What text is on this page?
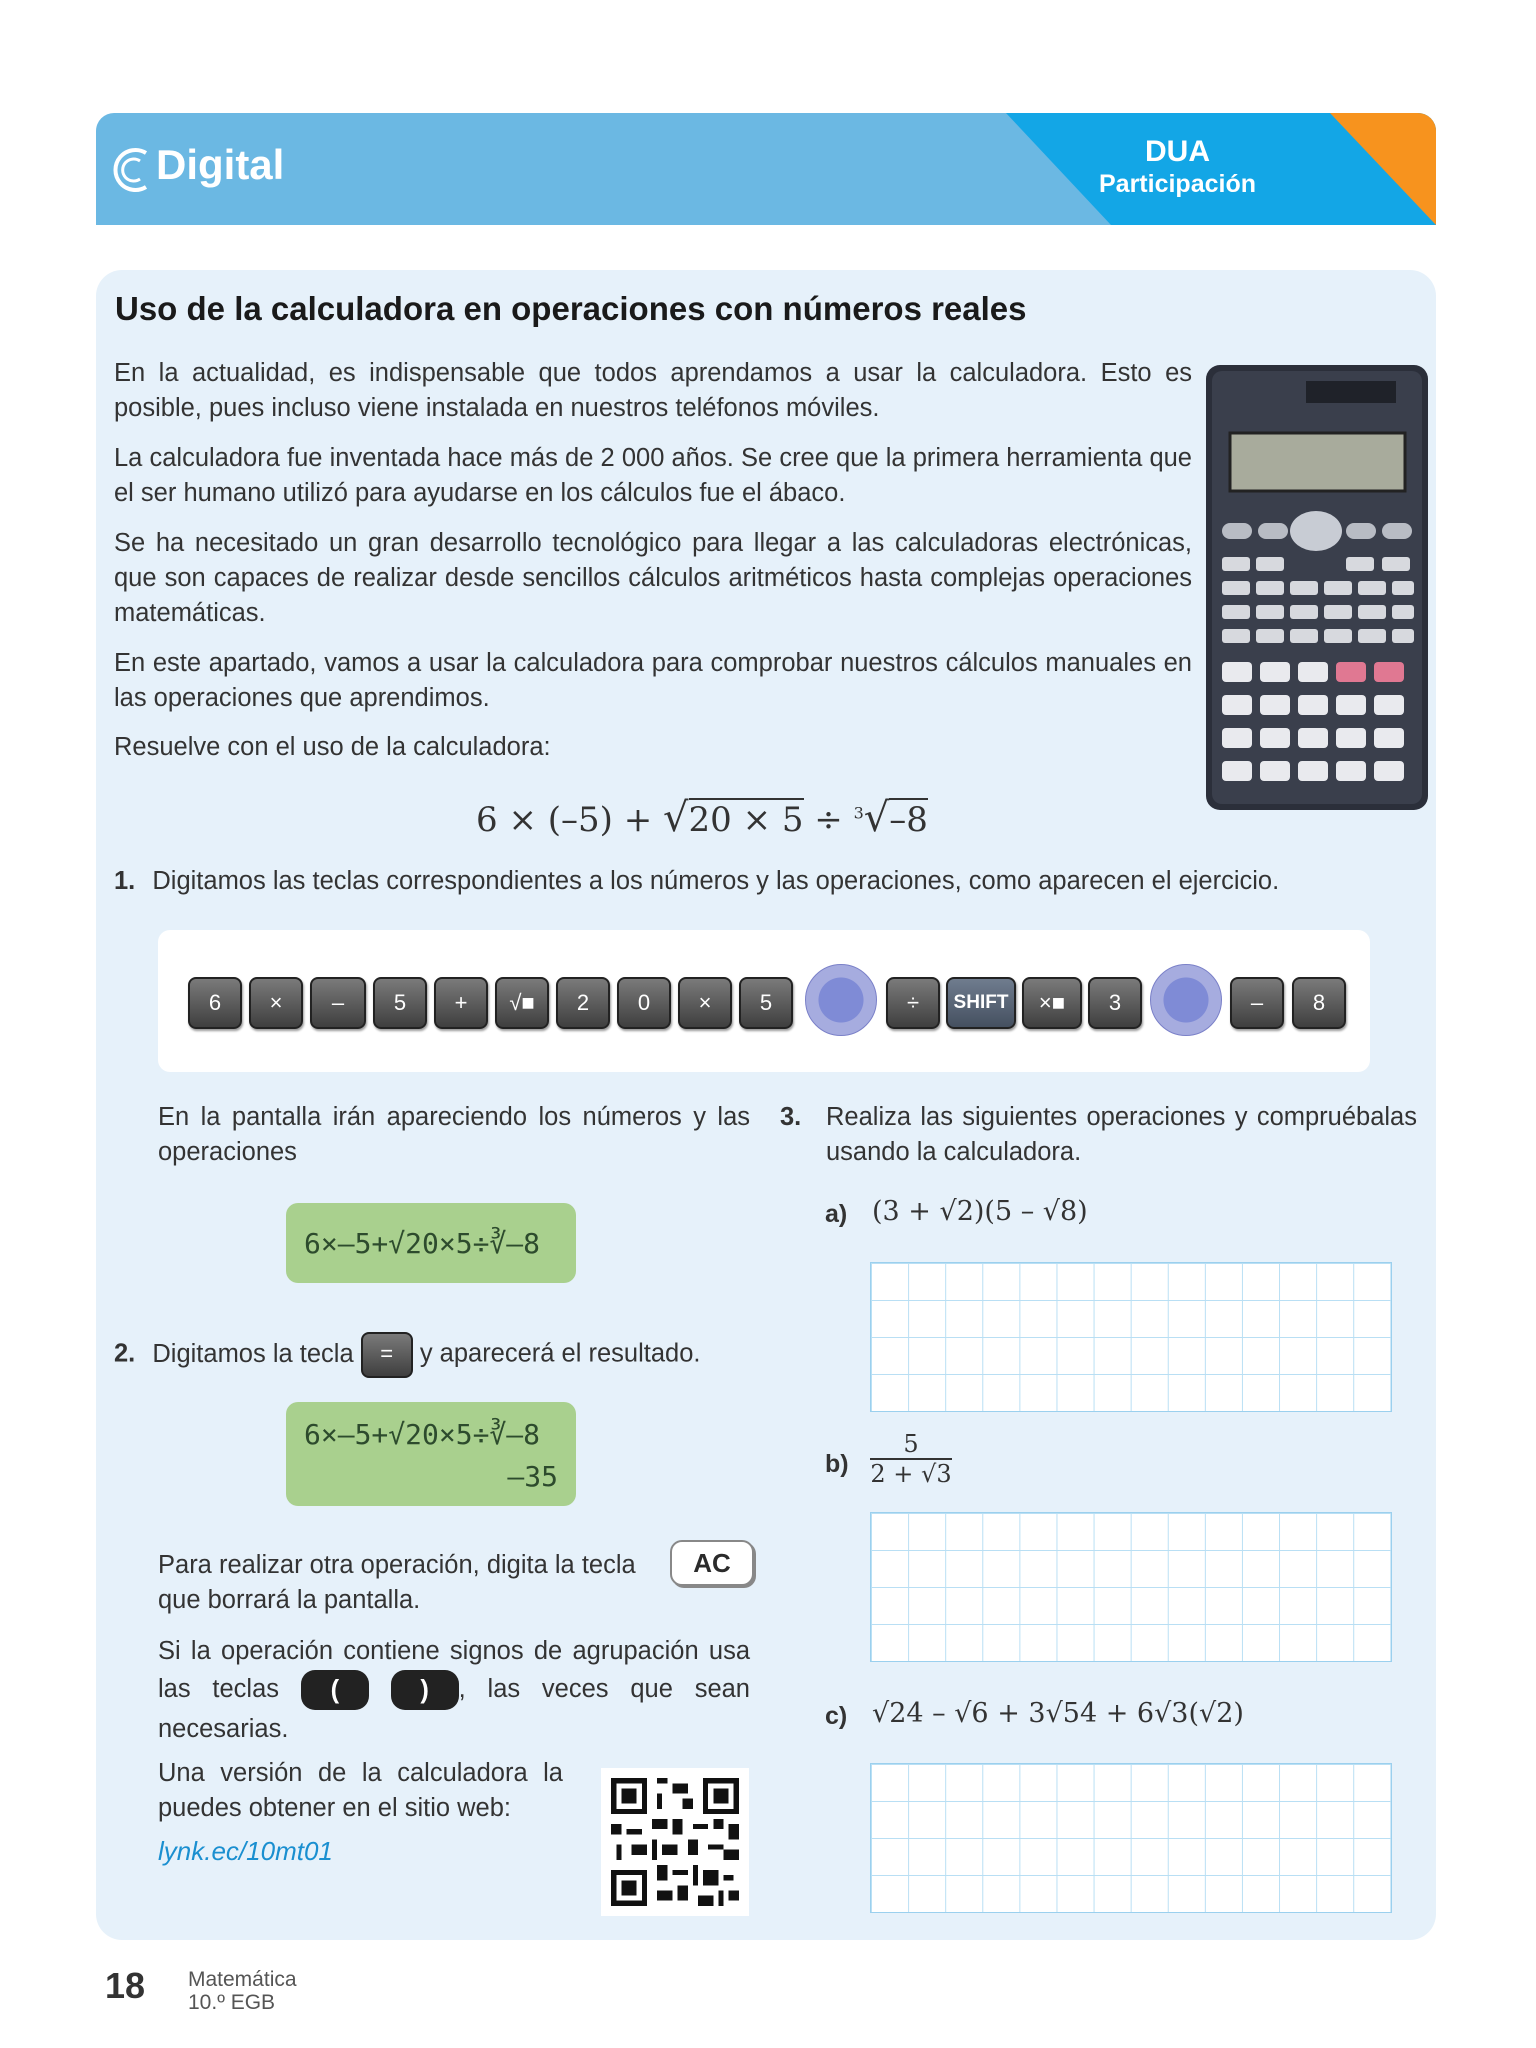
Digital	DUA
Participación
Uso de la calculadora en operaciones con números reales
En la actualidad, es indispensable que todos aprendamos a usar la calculadora. Esto es posible, pues incluso viene instalada en nuestros teléfonos móviles.
La calculadora fue inventada hace más de 2 000 años. Se cree que la primera herramienta que el ser humano utilizó para ayudarse en los cálculos fue el ábaco.
Se ha necesitado un gran desarrollo tecnológico para llegar a las calculadoras electrónicas, que son capaces de realizar desde sencillos cálculos aritméticos hasta complejas operaciones matemáticas.
En este apartado, vamos a usar la calculadora para comprobar nuestros cálculos manuales en las operaciones que aprendimos.
Resuelve con el uso de la calculadora:
6 × (–5) + √20 × 5 ÷ $^3$√–8
1. Digitamos las teclas correspondientes a los números y las operaciones, como aparecen el ejercicio.
6	×	–	5	+	√■	2	0	×	5	÷	SHIFT	×■	3	–	8
En la pantalla irán apareciendo los números y las operaciones
6×–5+√20×5÷∛–8
2. Digitamos la tecla = y aparecerá el resultado.
6×–5+√20×5÷∛–8
–35
Para realizar otra operación, digita la tecla	AC
que borrará la pantalla.
Si la operación contiene signos de agrupación usa las teclas (	) , las veces que sean necesarias.
Una versión de la calculadora la puedes obtener en el sitio web:
lynk.ec/10mt01
3. Realiza las siguientes operaciones y compruébalas usando la calculadora.
a) (3 + √2)(5 – √8)
$b) \frac{5}{2 + √3}$
c) √24 – √6 + 3√54 + 6√3(√2)
18 Matemática
10.º EGB
